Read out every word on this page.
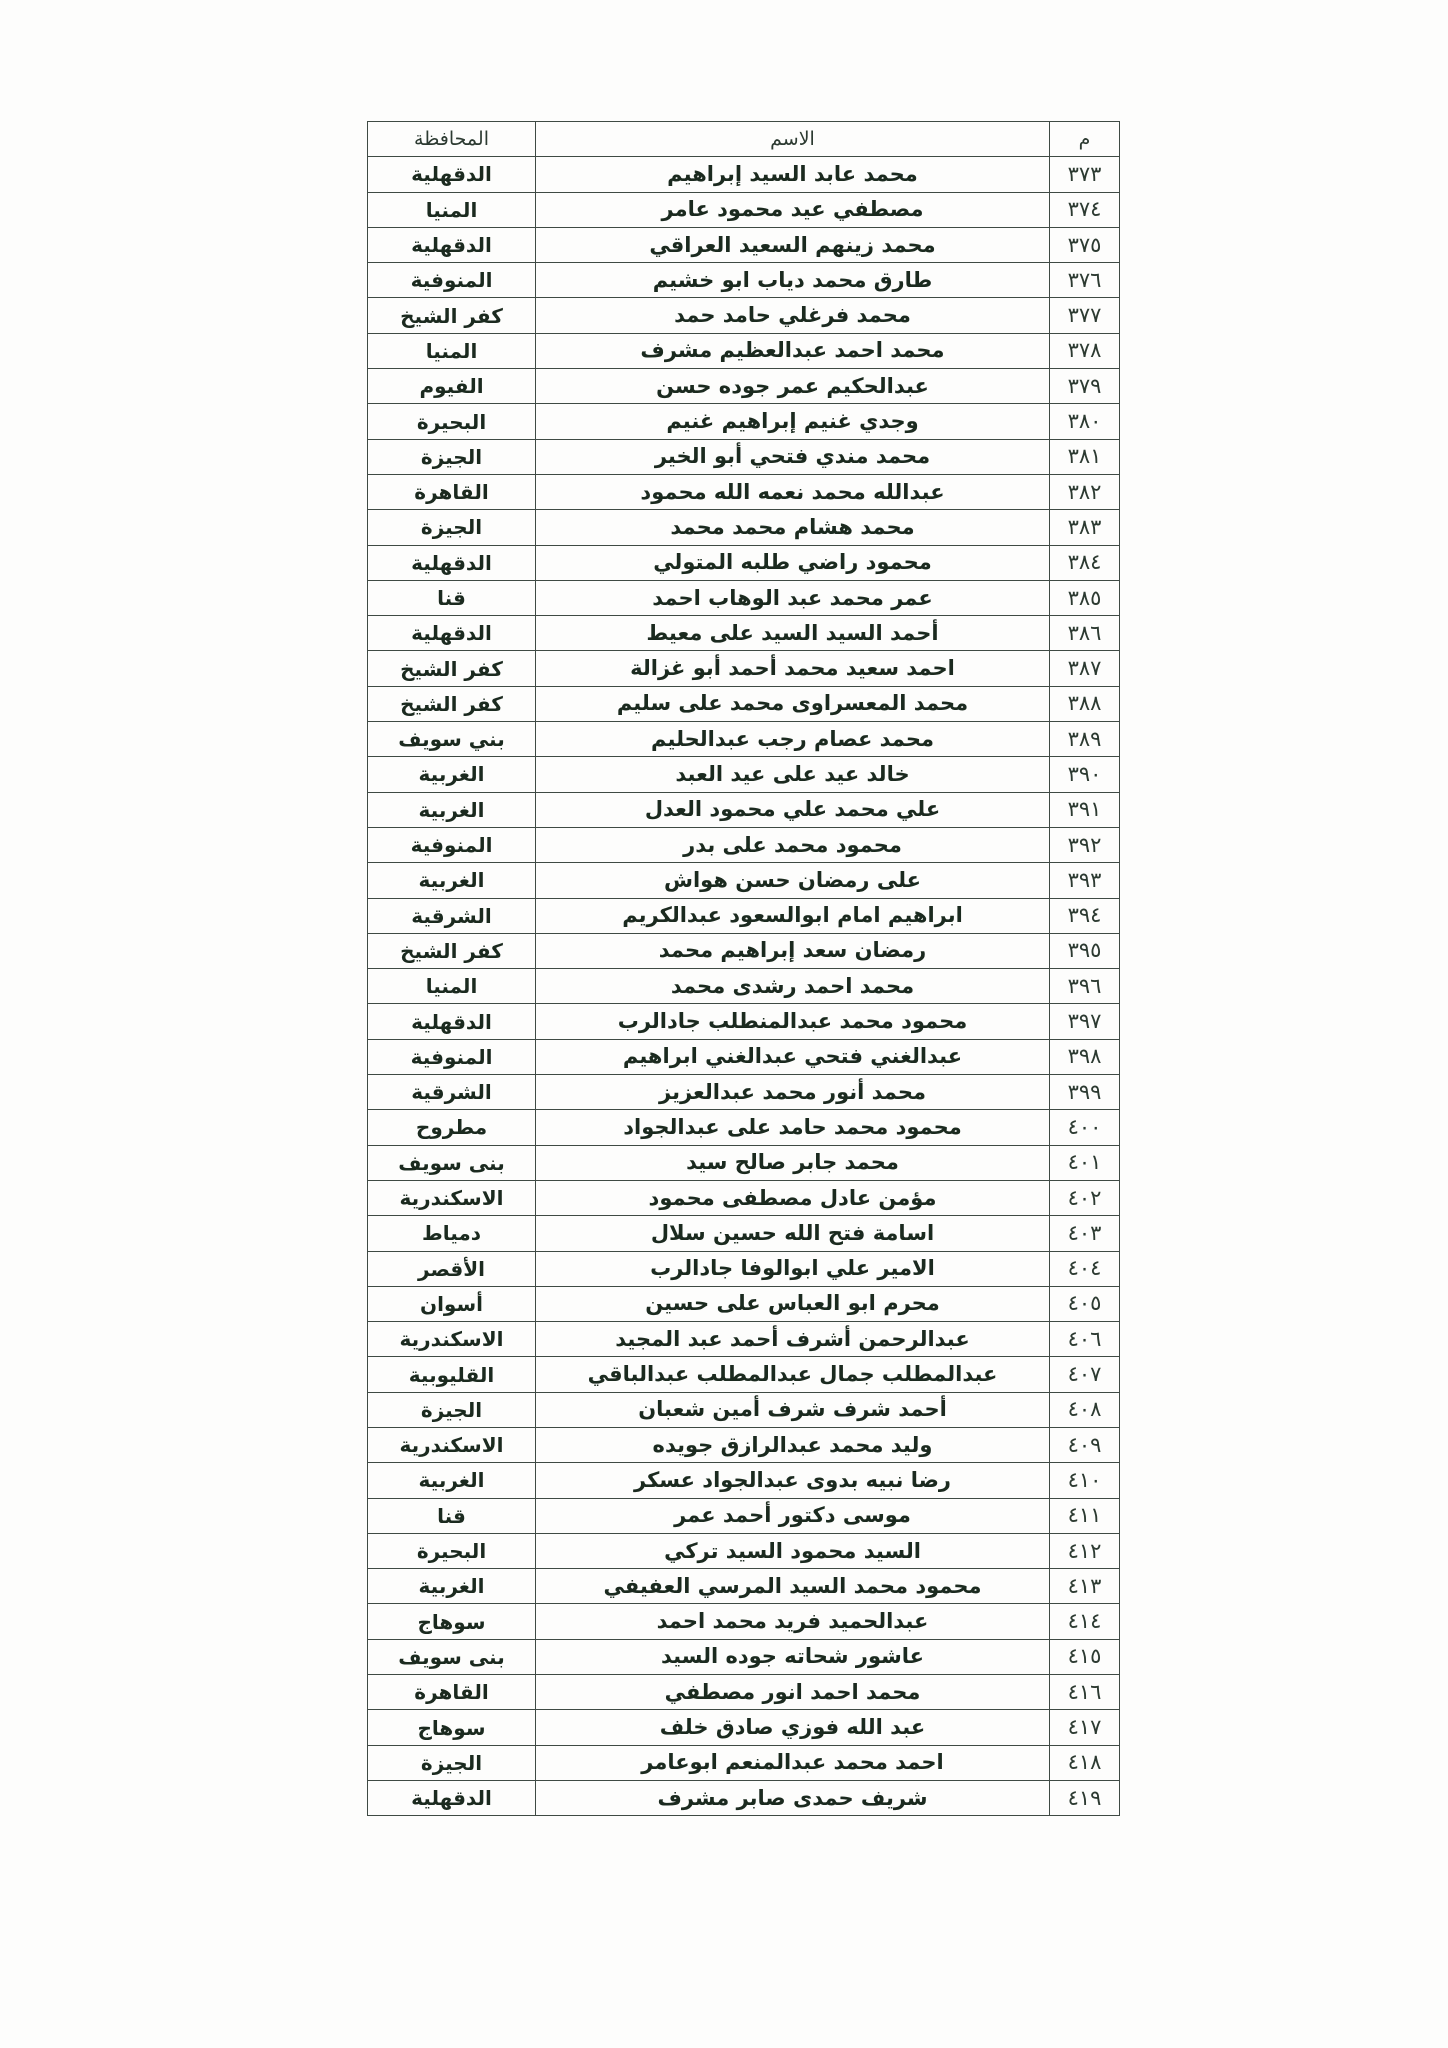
م	الاسم	المحافظة
٣٧٣	محمد عابد السيد إبراهيم	الدقهلية
٣٧٤	مصطفي عيد محمود عامر	المنيا
٣٧٥	محمد زينهم السعيد العراقي	الدقهلية
٣٧٦	طارق محمد دياب ابو خشيم	المنوفية
٣٧٧	محمد فرغلي حامد حمد	كفر الشيخ
٣٧٨	محمد احمد عبدالعظيم مشرف	المنيا
٣٧٩	عبدالحكيم عمر جوده حسن	الفيوم
٣٨٠	وجدي غنيم إبراهيم غنيم	البحيرة
٣٨١	محمد مندي فتحي أبو الخير	الجيزة
٣٨٢	عبدالله محمد نعمه الله محمود	القاهرة
٣٨٣	محمد هشام محمد محمد	الجيزة
٣٨٤	محمود راضي طلبه المتولي	الدقهلية
٣٨٥	عمر محمد عبد الوهاب احمد	قنا
٣٨٦	أحمد السيد السيد على معيط	الدقهلية
٣٨٧	احمد سعيد محمد أحمد أبو غزالة	كفر الشيخ
٣٨٨	محمد المعسراوى محمد على سليم	كفر الشيخ
٣٨٩	محمد عصام رجب عبدالحليم	بني سويف
٣٩٠	خالد عيد على عيد العبد	الغربية
٣٩١	علي محمد علي محمود العدل	الغربية
٣٩٢	محمود محمد على بدر	المنوفية
٣٩٣	على رمضان حسن هواش	الغربية
٣٩٤	ابراهيم امام ابوالسعود عبدالكريم	الشرقية
٣٩٥	رمضان سعد إبراهيم محمد	كفر الشيخ
٣٩٦	محمد احمد رشدى محمد	المنيا
٣٩٧	محمود محمد عبدالمنطلب جادالرب	الدقهلية
٣٩٨	عبدالغني فتحي عبدالغني ابراهيم	المنوفية
٣٩٩	محمد أنور محمد عبدالعزيز	الشرقية
٤٠٠	محمود محمد حامد على عبدالجواد	مطروح
٤٠١	محمد جابر صالح سيد	بنى سويف
٤٠٢	مؤمن عادل مصطفى محمود	الاسكندرية
٤٠٣	اسامة فتح الله حسين سلال	دمياط
٤٠٤	الامير علي ابوالوفا جادالرب	الأقصر
٤٠٥	محرم ابو العباس على حسين	أسوان
٤٠٦	عبدالرحمن أشرف أحمد عبد المجيد	الاسكندرية
٤٠٧	عبدالمطلب جمال عبدالمطلب عبدالباقي	القليوبية
٤٠٨	أحمد شرف شرف أمين شعبان	الجيزة
٤٠٩	وليد محمد عبدالرازق جويده	الاسكندرية
٤١٠	رضا نبيه بدوى عبدالجواد عسكر	الغربية
٤١١	موسى دكتور أحمد عمر	قنا
٤١٢	السيد محمود السيد تركي	البحيرة
٤١٣	محمود محمد السيد المرسي العفيفي	الغربية
٤١٤	عبدالحميد فريد محمد احمد	سوهاج
٤١٥	عاشور شحاته جوده السيد	بنى سويف
٤١٦	محمد احمد انور مصطفي	القاهرة
٤١٧	عبد الله فوزي صادق خلف	سوهاج
٤١٨	احمد محمد عبدالمنعم ابوعامر	الجيزة
٤١٩	شريف حمدى صابر مشرف	الدقهلية
